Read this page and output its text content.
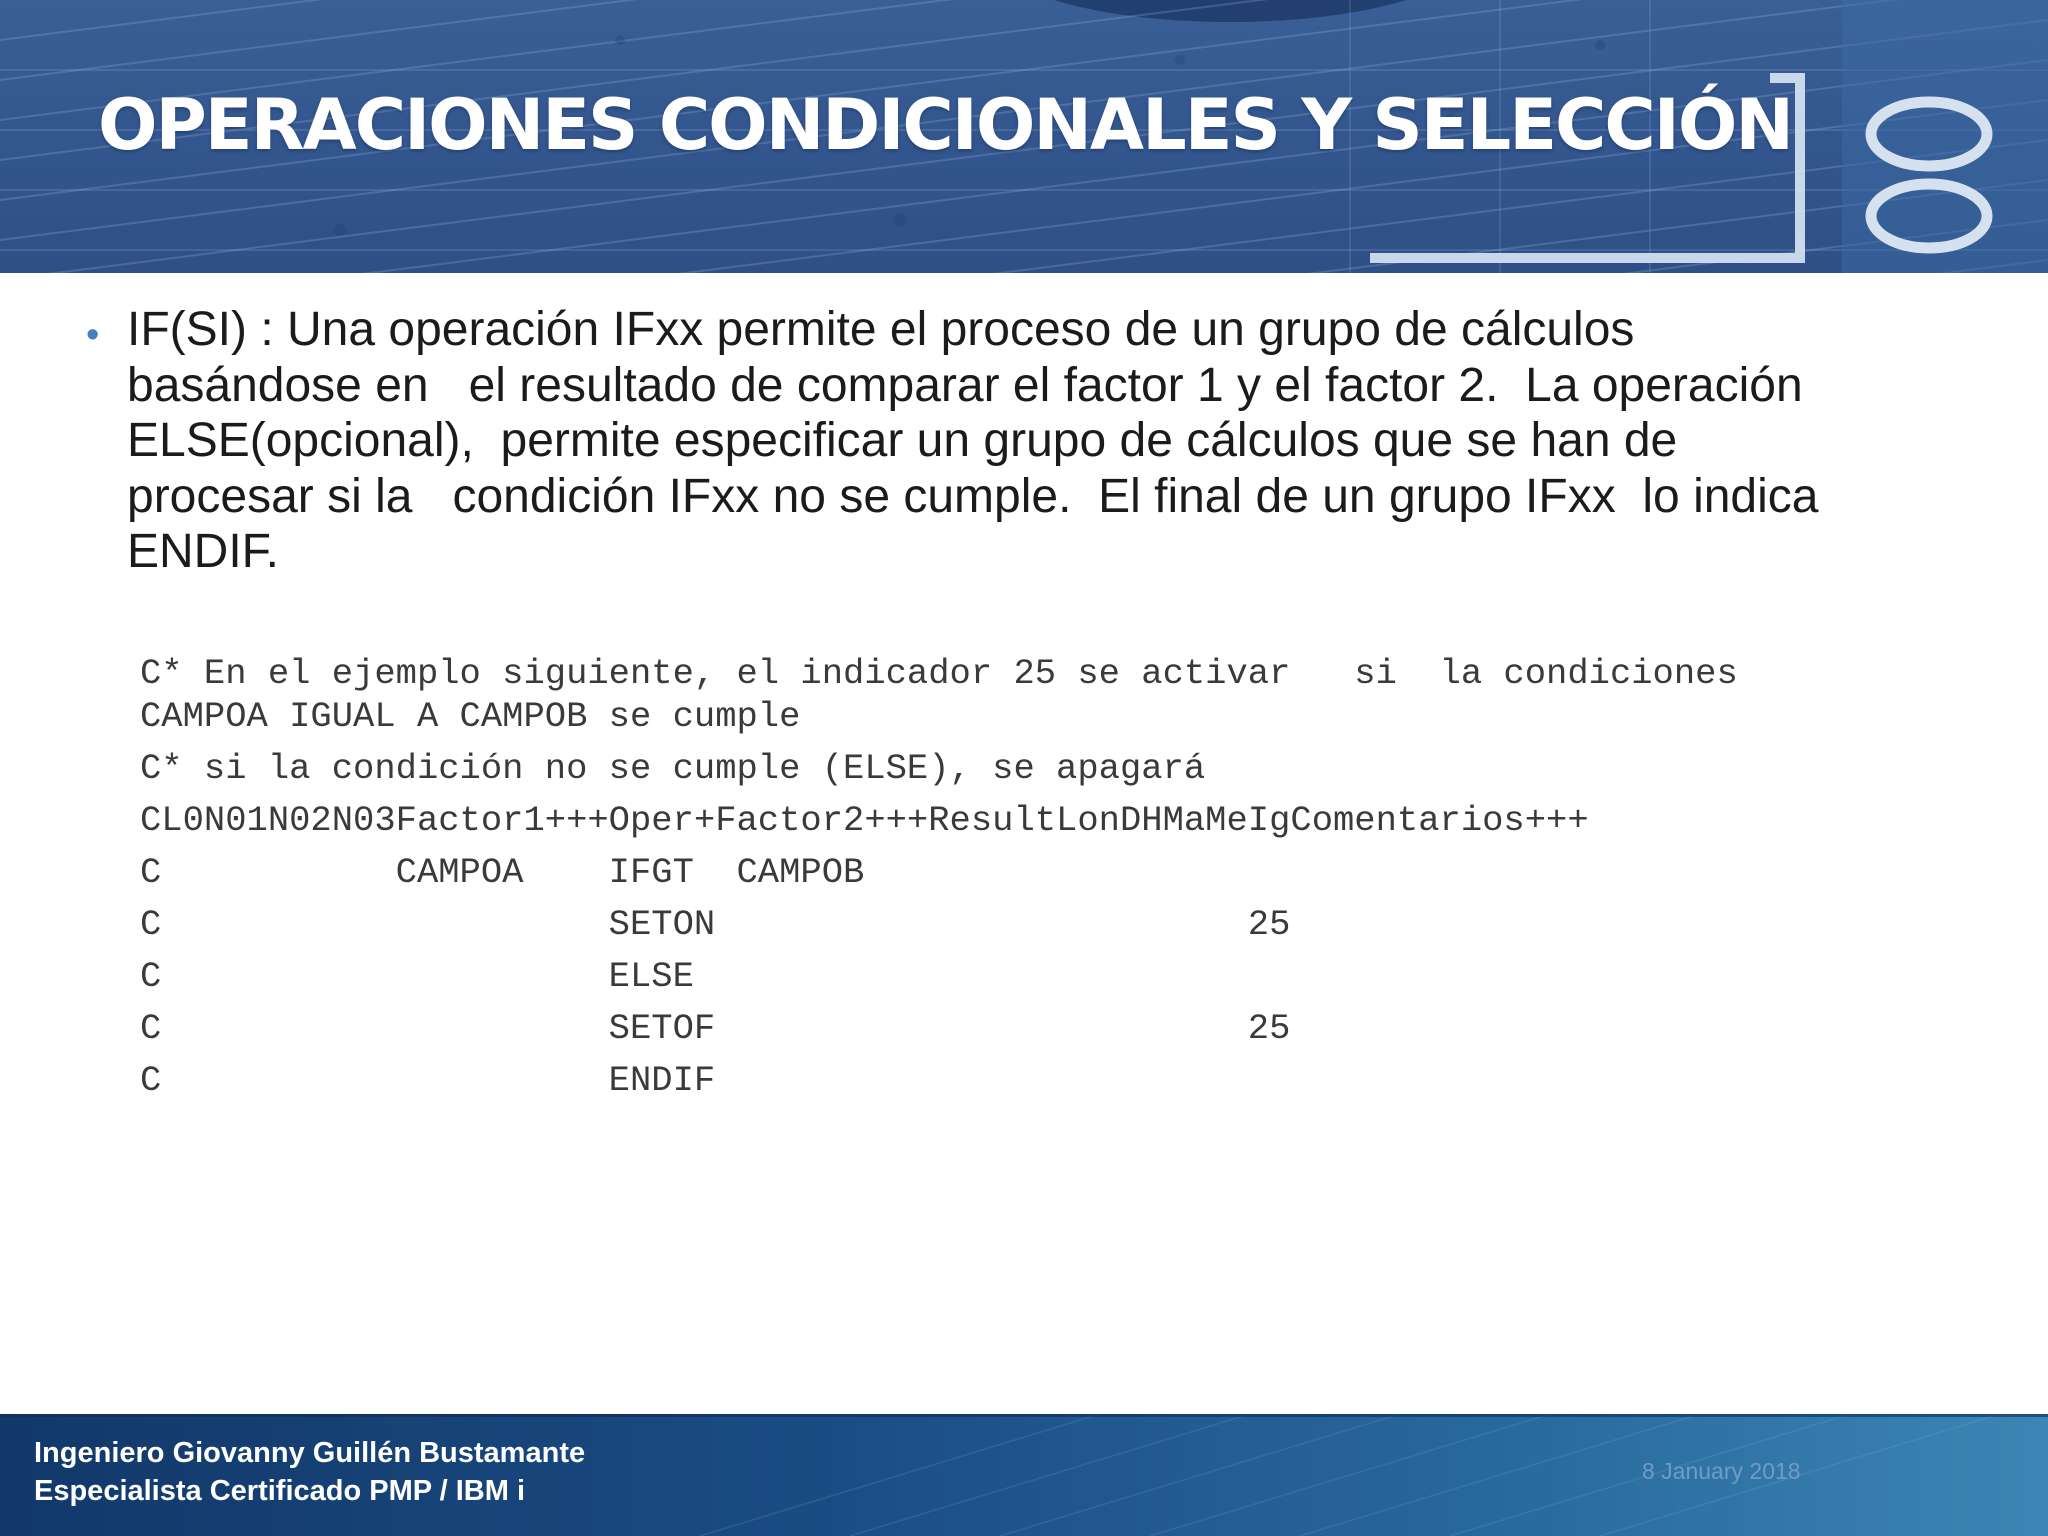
OPERACIONES CONDICIONALES Y SELECCIÓN
• IF(SI) : Una operación IFxx permite el proceso de un grupo de cálculos
basándose en   el resultado de comparar el factor 1 y el factor 2.  La operación
ELSE(opcional),  permite especificar un grupo de cálculos que se han de
procesar si la   condición IFxx no se cumple.  El final de un grupo IFxx  lo indica
ENDIF.
C* En el ejemplo siguiente, el indicador 25 se activar   si  la condiciones
CAMPOA IGUAL A CAMPOB se cumple
C* si la condición no se cumple (ELSE), se apagará
CL0N01N02N03Factor1+++Oper+Factor2+++ResultLonDHMaMeIgComentarios+++
C           CAMPOA    IFGT  CAMPOB
C                     SETON                         25
C                     ELSE
C                     SETOF                         25
C                     ENDIF
Ingeniero Giovanny Guillén Bustamante
Especialista Certificado PMP / IBM i
8 January 2018
